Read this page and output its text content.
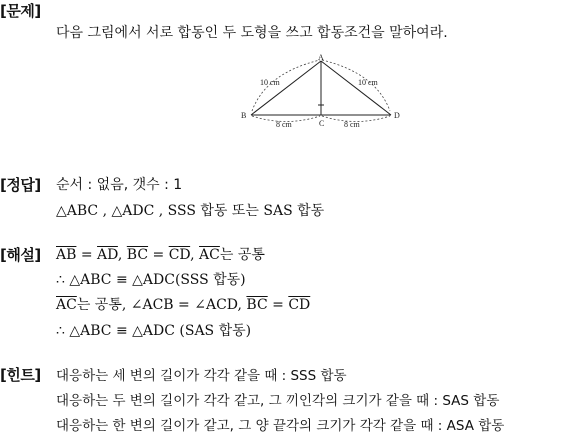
[문제]
다음 그림에서 서로 합동인 두 도형을 쓰고 합동조건을 말하여라.
A
B
C
D
10 cm	10 cm
8 cm	8 cm
[정답] 순서 : 없음, 갯수 : 1
△ABC , △ADC , SSS 합동 또는 SAS 합동
[해설] $\overline{AB} = \overline{AD}$, $\overline{BC} = \overline{CD}$, $\overline{AC}$는 공통
∴ △ABC ≡ △ADC(SSS 합동)
$\overline{AC}$는 공통, ∠ACB = ∠ACD, $\overline{BC} = \overline{CD}$
∴ △ABC ≡ △ADC (SAS 합동)
[힌트] 대응하는 세 변의 길이가 각각 같을 때 : SSS 합동
대응하는 두 변의 길이가 각각 같고, 그 끼인각의 크기가 같을 때 : SAS 합동
대응하는 한 변의 길이가 같고, 그 양 끝각의 크기가 각각 같을 때 : ASA 합동
